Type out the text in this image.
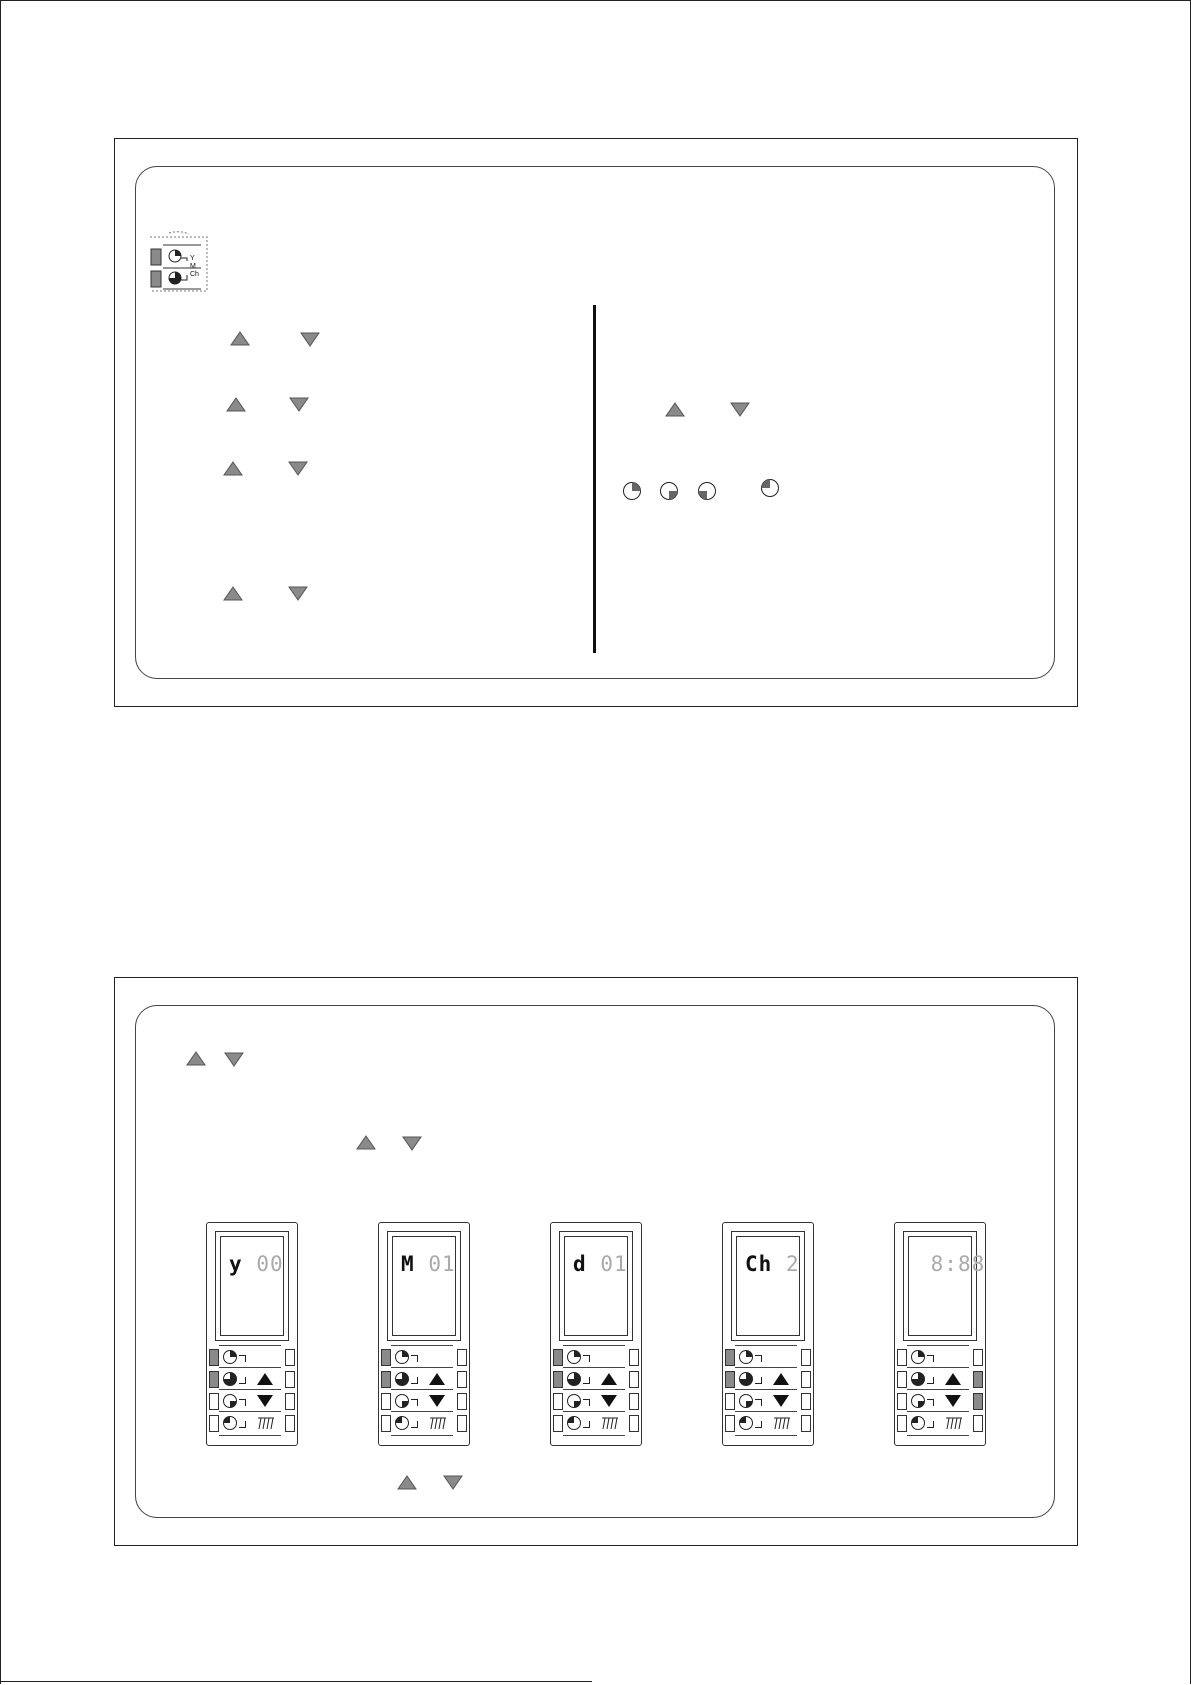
Y
M
Ch
y 00	M 01	d 01	Ch 2	8:88
